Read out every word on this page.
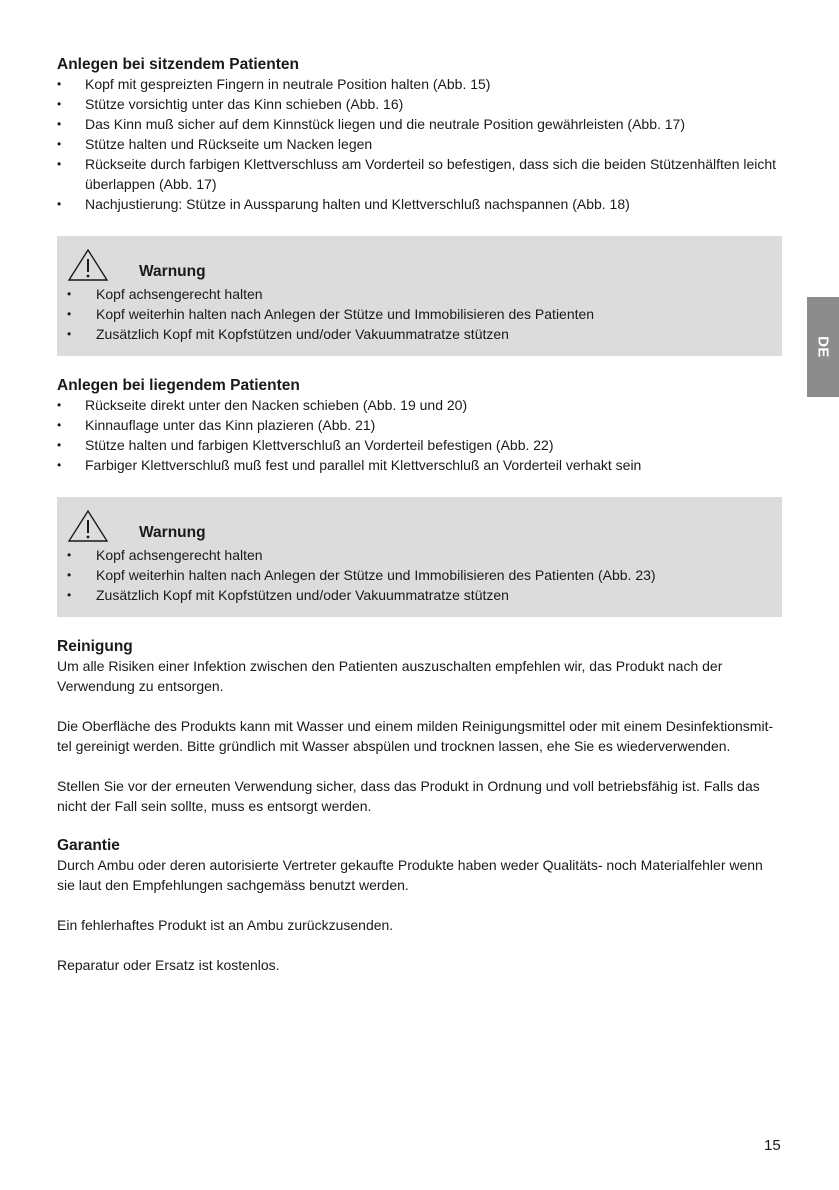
Anlegen bei sitzendem Patienten
• Kopf mit gespreizten Fingern in neutrale Position halten (Abb. 15)
• Stütze vorsichtig unter das Kinn schieben (Abb. 16)
• Das Kinn muß sicher auf dem Kinnstück liegen und die neutrale Position gewährleisten (Abb. 17)
• Stütze halten und Rückseite um Nacken legen
• Rückseite durch farbigen Klettverschluss am Vorderteil so befestigen, dass sich die beiden Stützenhälften leicht überlappen (Abb. 17)
• Nachjustierung: Stütze in Aussparung halten und Klettverschluß nachspannen (Abb. 18)
Warnung
• Kopf achsengerecht halten
• Kopf weiterhin halten nach Anlegen der Stütze und Immobilisieren des Patienten
• Zusätzlich Kopf mit Kopfstützen und/oder Vakuummatratze stützen
Anlegen bei liegendem Patienten
• Rückseite direkt unter den Nacken schieben (Abb. 19 und 20)
• Kinnauflage unter das Kinn plazieren (Abb. 21)
• Stütze halten und farbigen Klettverschluß an Vorderteil befestigen (Abb. 22)
• Farbiger Klettverschluß muß fest und parallel mit Klettverschluß an Vorderteil verhakt sein
Warnung
• Kopf achsengerecht halten
• Kopf weiterhin halten nach Anlegen der Stütze und Immobilisieren des Patienten (Abb. 23)
• Zusätzlich Kopf mit Kopfstützen und/oder Vakuummatratze stützen
Reinigung

Um alle Risiken einer Infektion zwischen den Patienten auszuschalten empfehlen wir, das Produkt nach der Verwendung zu entsorgen.

Die Oberfläche des Produkts kann mit Wasser und einem milden Reinigungsmittel oder mit einem Desinfektionsmit-tel gereinigt werden. Bitte gründlich mit Wasser abspülen und trocknen lassen, ehe Sie es wiederverwenden.

Stellen Sie vor der erneuten Verwendung sicher, dass das Produkt in Ordnung und voll betriebsfähig ist. Falls das nicht der Fall sein sollte, muss es entsorgt werden.

Garantie

Durch Ambu oder deren autorisierte Vertreter gekaufte Produkte haben weder Qualitäts- noch Materialfehler wenn sie laut den Empfehlungen sachgemäss benutzt werden.

Ein fehlerhaftes Produkt ist an Ambu zurückzusenden.

Reparatur oder Ersatz ist kostenlos.

DE
15
